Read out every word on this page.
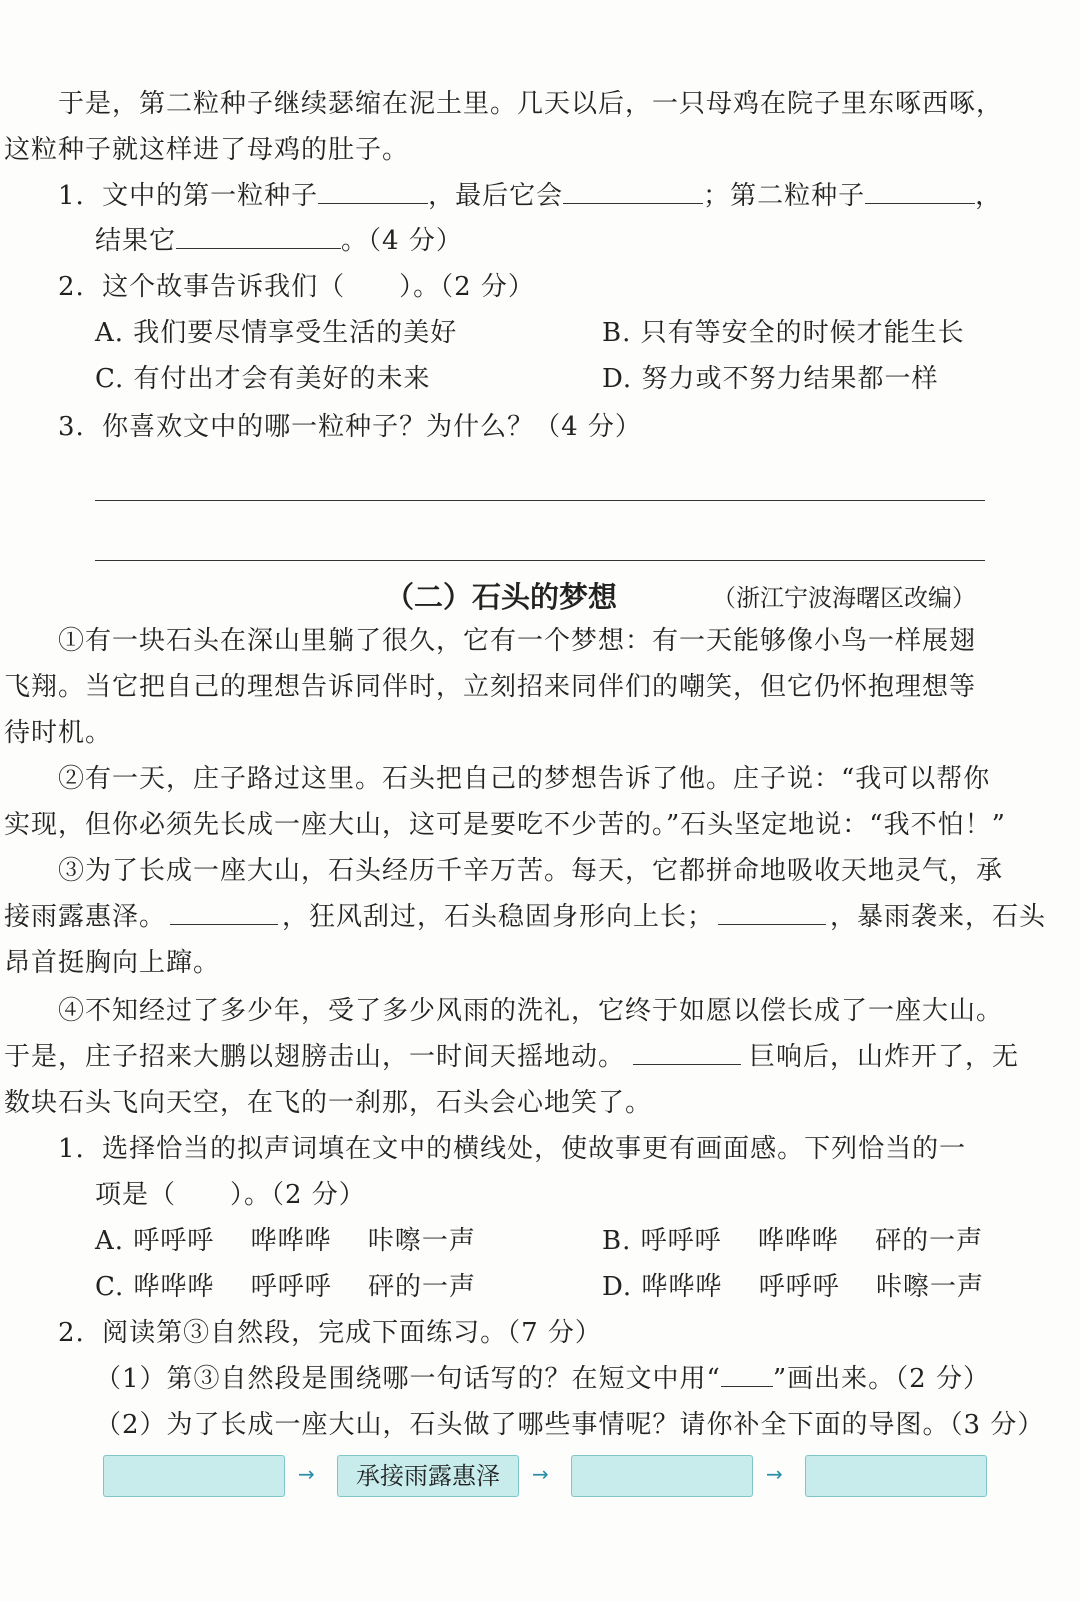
于是，第二粒种子继续瑟缩在泥土里。几天以后，一只母鸡在院子里东啄西啄，
这粒种子就这样进了母鸡的肚子。
1. 文中的第一粒种子	，最后它会	；第二粒种子	，
结果它	。（4 分）
2. 这个故事告诉我们（　　）。（2 分）
A. 我们要尽情享受生活的美好	B. 只有等安全的时候才能生长
C. 有付出才会有美好的未来	D. 努力或不努力结果都一样
3. 你喜欢文中的哪一粒种子？为什么？（4 分）
（二）石头的梦想	（浙江宁波海曙区改编）
①有一块石头在深山里躺了很久，它有一个梦想：有一天能够像小鸟一样展翅
飞翔。当它把自己的理想告诉同伴时，立刻招来同伴们的嘲笑，但它仍怀抱理想等
待时机。
②有一天，庄子路过这里。石头把自己的梦想告诉了他。庄子说：“我可以帮你
实现，但你必须先长成一座大山，这可是要吃不少苦的。”石头坚定地说：“我不怕！”
③为了长成一座大山，石头经历千辛万苦。每天，它都拼命地吸收天地灵气，承
接雨露惠泽。	，狂风刮过，石头稳固身形向上长；	，暴雨袭来，石头
昂首挺胸向上蹿。
④不知经过了多少年，受了多少风雨的洗礼，它终于如愿以偿长成了一座大山。
于是，庄子招来大鹏以翅膀击山，一时间天摇地动。	巨响后，山炸开了，无
数块石头飞向天空，在飞的一刹那，石头会心地笑了。
1. 选择恰当的拟声词填在文中的横线处，使故事更有画面感。下列恰当的一
项是（　　）。（2 分）
A. 呼呼呼　 哗哗哗　 咔嚓一声	B. 呼呼呼　 哗哗哗　 砰的一声
C. 哗哗哗　 呼呼呼　 砰的一声	D. 哗哗哗　 呼呼呼　 咔嚓一声
2. 阅读第③自然段，完成下面练习。（7 分）
（1）第③自然段是围绕哪一句话写的？在短文中用“ ”画出来。（2 分）
（2）为了长成一座大山，石头做了哪些事情呢？请你补全下面的导图。（3 分）
→	承接雨露惠泽	→	→
